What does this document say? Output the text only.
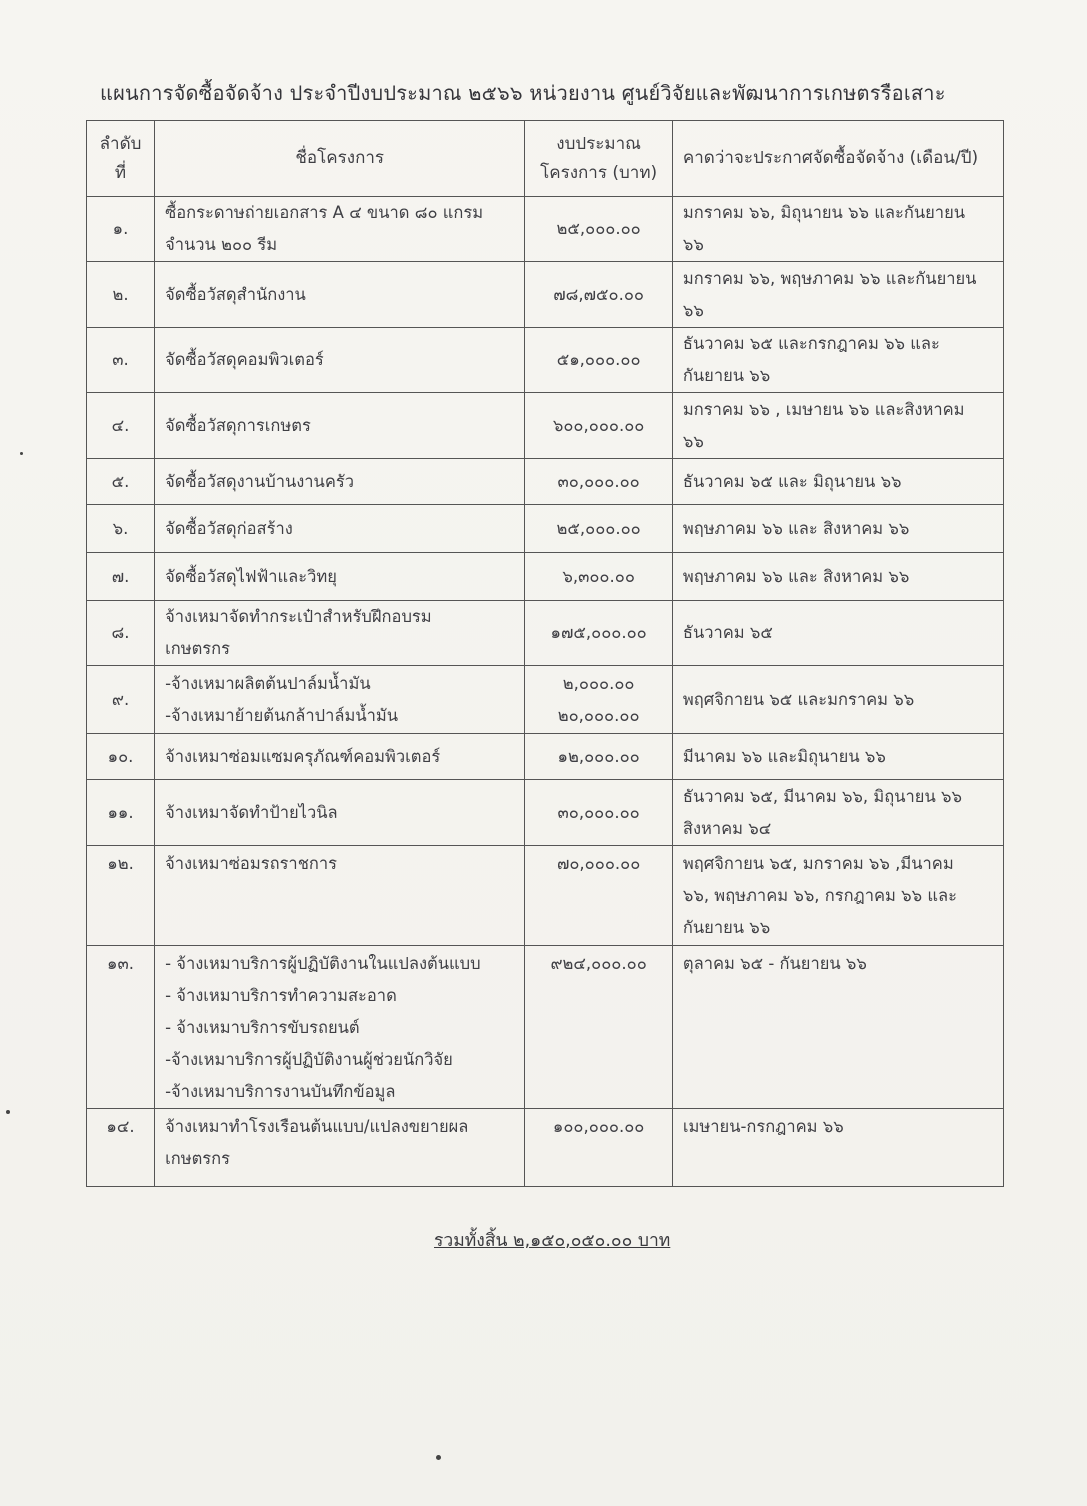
แผนการจัดซื้อจัดจ้าง ประจำปีงบประมาณ ๒๕๖๖ หน่วยงาน ศูนย์วิจัยและพัฒนาการเกษตรรือเสาะ
ลำดับ
ที่	ชื่อโครงการ	งบประมาณ
โครงการ (บาท)	คาดว่าจะประกาศจัดซื้อจัดจ้าง (เดือน/ปี)

๑.	ซื้อกระดาษถ่ายเอกสาร A ๔ ขนาด ๘๐ แกรม
จำนวน ๒๐๐ รีม	๒๕,๐๐๐.๐๐	มกราคม ๖๖, มิถุนายน ๖๖ และกันยายน
๖๖

๒.	จัดซื้อวัสดุสำนักงาน	๗๘,๗๕๐.๐๐	มกราคม ๖๖, พฤษภาคม ๖๖ และกันยายน
๖๖

๓.	จัดซื้อวัสดุคอมพิวเตอร์	๕๑,๐๐๐.๐๐	ธันวาคม ๖๕ และกรกฎาคม ๖๖ และ
กันยายน ๖๖

๔.	จัดซื้อวัสดุการเกษตร	๖๐๐,๐๐๐.๐๐	มกราคม ๖๖ , เมษายน ๖๖ และสิงหาคม
๖๖

๕.	จัดซื้อวัสดุงานบ้านงานครัว	๓๐,๐๐๐.๐๐	ธันวาคม ๖๕ และ มิถุนายน ๖๖

๖.	จัดซื้อวัสดุก่อสร้าง	๒๕,๐๐๐.๐๐	พฤษภาคม ๖๖ และ สิงหาคม ๖๖

๗.	จัดซื้อวัสดุไฟฟ้าและวิทยุ	๖,๓๐๐.๐๐	พฤษภาคม ๖๖ และ สิงหาคม ๖๖

๘.	จ้างเหมาจัดทำกระเป๋าสำหรับฝึกอบรม
เกษตรกร	๑๗๕,๐๐๐.๐๐	ธันวาคม ๖๕

๙.	-จ้างเหมาผลิตต้นปาล์มน้ำมัน
-จ้างเหมาย้ายต้นกล้าปาล์มน้ำมัน	๒,๐๐๐.๐๐
๒๐,๐๐๐.๐๐	พฤศจิกายน ๖๕ และมกราคม ๖๖

๑๐.	จ้างเหมาซ่อมแซมครุภัณฑ์คอมพิวเตอร์	๑๒,๐๐๐.๐๐	มีนาคม ๖๖ และมิถุนายน ๖๖

๑๑.	จ้างเหมาจัดทำป้ายไวนิล	๓๐,๐๐๐.๐๐	ธันวาคม ๖๕, มีนาคม ๖๖, มิถุนายน ๖๖
สิงหาคม ๖๔

๑๒.	จ้างเหมาซ่อมรถราชการ	๗๐,๐๐๐.๐๐	พฤศจิกายน ๖๕, มกราคม ๖๖ ,มีนาคม
๖๖, พฤษภาคม ๖๖, กรกฎาคม ๖๖ และ
กันยายน ๖๖

๑๓.	- จ้างเหมาบริการผู้ปฏิบัติงานในแปลงต้นแบบ
- จ้างเหมาบริการทำความสะอาด
- จ้างเหมาบริการขับรถยนต์
-จ้างเหมาบริการผู้ปฏิบัติงานผู้ช่วยนักวิจัย
-จ้างเหมาบริการงานบันทึกข้อมูล	๙๒๔,๐๐๐.๐๐	ตุลาคม ๖๕ - กันยายน ๖๖

๑๔.	จ้างเหมาทำโรงเรือนต้นแบบ/แปลงขยายผล
เกษตรกร	๑๐๐,๐๐๐.๐๐	เมษายน-กรกฎาคม ๖๖
รวมทั้งสิ้น ๒,๑๕๐,๐๕๐.๐๐ บาท
